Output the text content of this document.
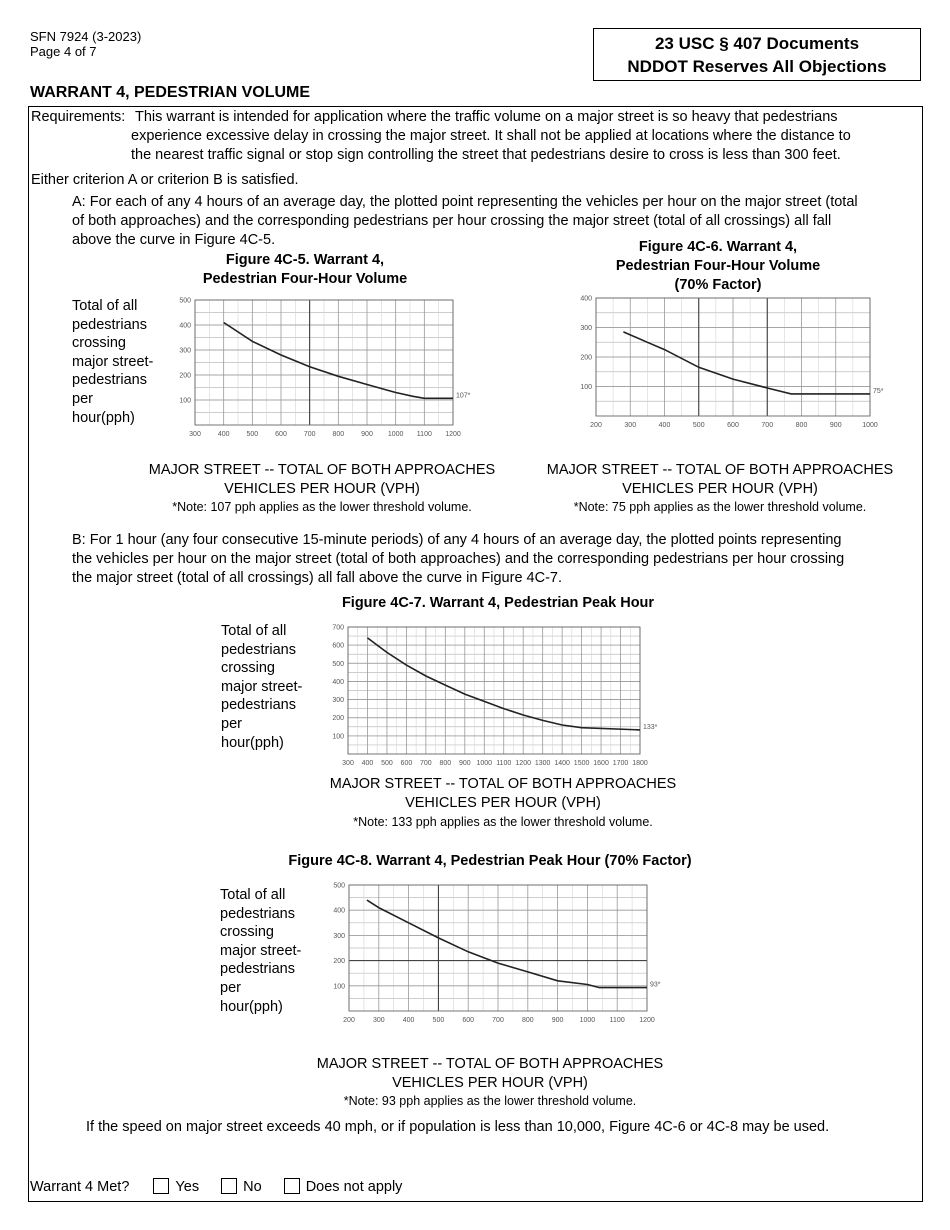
SFN 7924 (3-2023)
Page 4 of 7	23 USC § 407 Documents
NDDOT Reserves All Objections
WARRANT 4, PEDESTRIAN VOLUME
Requirements: This warrant is intended for application where the traffic volume on a major street is so heavy that pedestrians
experience excessive delay in crossing the major street. It shall not be applied at locations where the distance to
the nearest traffic signal or stop sign controlling the street that pedestrians desire to cross is less than 300 feet.
Either criterion A or criterion B is satisfied.
A: For each of any 4 hours of an average day, the plotted point representing the vehicles per hour on the major street (total
of both approaches) and the corresponding pedestrians per hour crossing the major street (total of all crossings) all fall
above the curve in Figure 4C-5.
Figure 4C-5. Warrant 4,
Pedestrian Four-Hour Volume
Total of all
pedestrians
crossing
major street-
pedestrians
per
hour(pph)
100
200
300
400
500
300 400 500 600 700 800 900 1000 1100 1200
107*
MAJOR STREET -- TOTAL OF BOTH APPROACHES
VEHICLES PER HOUR (VPH)
*Note: 107 pph applies as the lower threshold volume.
Figure 4C-6. Warrant 4,
Pedestrian Four-Hour Volume
(70% Factor)
100
200
300
400
200	300	400	500	600	700	800	900	1000
75*
MAJOR STREET -- TOTAL OF BOTH APPROACHES
VEHICLES PER HOUR (VPH)
*Note: 75 pph applies as the lower threshold volume.
B: For 1 hour (any four consecutive 15-minute periods) of any 4 hours of an average day, the plotted points representing
the vehicles per hour on the major street (total of both approaches) and the corresponding pedestrians per hour crossing
the major street (total of all crossings) all fall above the curve in Figure 4C-7.
Figure 4C-7. Warrant 4, Pedestrian Peak Hour
Total of all
pedestrians
crossing
major street-
pedestrians
per
hour(pph)	100
200
300
400
500
600
700
300 400 500 600 700 800 900 1000 1100 1200 1300 1400 1500 1600 1700 1800
133*
MAJOR STREET -- TOTAL OF BOTH APPROACHES
VEHICLES PER HOUR (VPH)
*Note: 133 pph applies as the lower threshold volume.
Figure 4C-8. Warrant 4, Pedestrian Peak Hour (70% Factor)
Total of all
pedestrians
crossing
major street-
pedestrians
per
hour(pph)
100
200
300
400
500
200	300	400	500	600	700	800	900 1000 1100 1200
93*
MAJOR STREET -- TOTAL OF BOTH APPROACHES
VEHICLES PER HOUR (VPH)
*Note: 93 pph applies as the lower threshold volume.
If the speed on major street exceeds 40 mph, or if population is less than 10,000, Figure 4C-6 or 4C-8 may be used.
Warrant 4 Met?	Yes	No	Does not apply
